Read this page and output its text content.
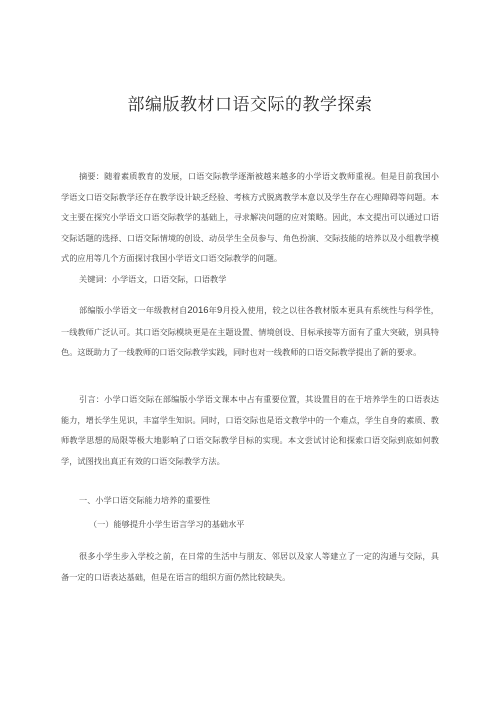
部编版教材口语交际的教学探索

摘要：随着素质教育的发展，口语交际教学逐渐被越来越多的小学语文教师重视。但是目前我国小学语文口语交际教学还存在教学设计缺乏经验、考核方式脱离教学本意以及学生存在心理障碍等问题。本文主要在探究小学语文口语交际教学的基础上，寻求解决问题的应对策略。因此，本文提出可以通过口语交际话题的选择、口语交际情境的创设、动员学生全员参与、角色扮演、交际技能的培养以及小组教学模式的应用等几个方面探讨我国小学语文口语交际教学的问题。

关键词：小学语文，口语交际，口语教学

部编版小学语文一年级教材自2016年9月投入使用，较之以往各教材版本更具有系统性与科学性，一线教师广泛认可。其口语交际模块更是在主题设置、情境创设、目标承接等方面有了重大突破，别具特色。这既助力了一线教师的口语交际教学实践，同时也对一线教师的口语交际教学提出了新的要求。

引言：小学口语交际在部编版小学语文课本中占有重要位置，其设置目的在于培养学生的口语表达能力，增长学生见识，丰富学生知识。同时，口语交际也是语文教学中的一个难点，学生自身的素质、教师教学思想的局限等极大地影响了口语交际教学目标的实现。本文尝试讨论和探索口语交际到底如何教学，试图找出真正有效的口语交际教学方法。

一、小学口语交际能力培养的重要性

（一）能够提升小学生语言学习的基础水平

很多小学生步入学校之前，在日常的生活中与朋友、邻居以及家人等建立了一定的沟通与交际，具备一定的口语表达基础，但是在语言的组织方面仍然比较缺失。
